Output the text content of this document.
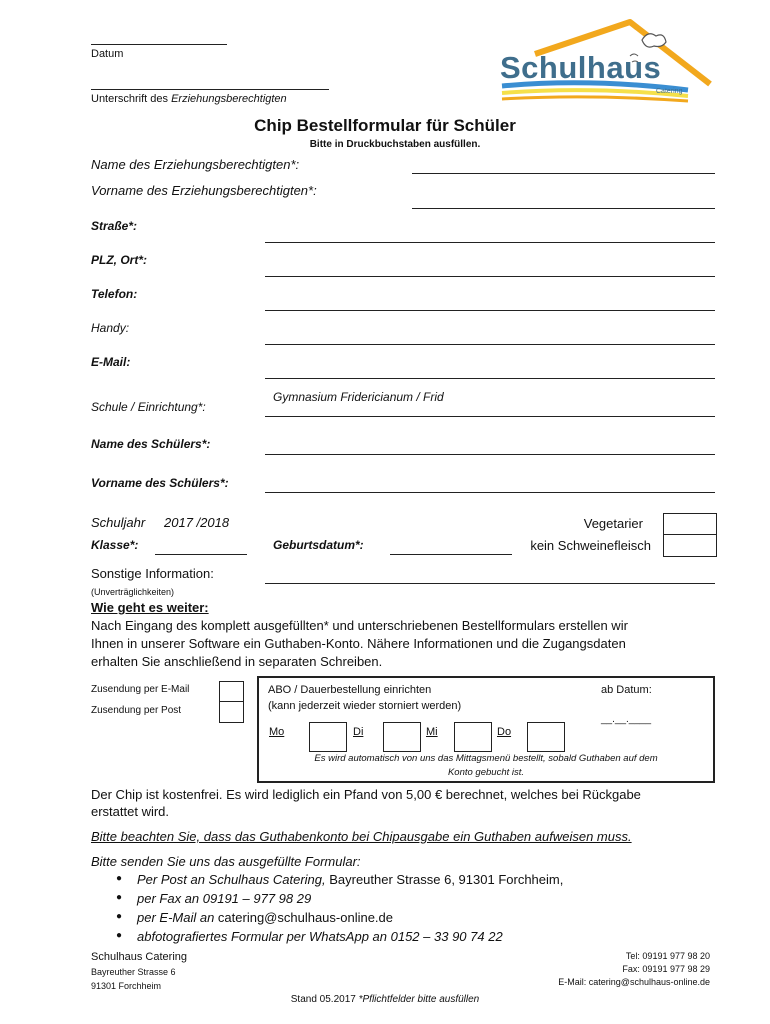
Datum
Unterschrift des Erziehungsberechtigten
Schulhaus
Catering
Chip Bestellformular für Schüler
Bitte in Druckbuchstaben ausfüllen.
Name des Erziehungsberechtigten*:
Vorname des Erziehungsberechtigten*:
Straße*:
PLZ, Ort*:
Telefon:
Handy:
E-Mail:
Schule / Einrichtung*:
Gymnasium Fridericianum / Frid
Name des Schülers*:
Vorname des Schülers*:
Schuljahr 2017 /2018
Klasse*:	Geburtsdatum*:
Vegetarier
kein Schweinefleisch
Sonstige Information:
(Unverträglichkeiten)
Wie geht es weiter:
Nach Eingang des komplett ausgefüllten* und unterschriebenen Bestellformulars erstellen wir
Ihnen in unserer Software ein Guthaben-Konto. Nähere Informationen und die Zugangsdaten
erhalten Sie anschließend in separaten Schreiben.
Zusendung per E-Mail
Zusendung per Post
ABO / Dauerbestellung einrichten
(kann jederzeit wieder storniert werden)
ab Datum:
__.__.____
Mo	Di	Mi	Do
Es wird automatisch von uns das Mittagsmenü bestellt, sobald Guthaben auf dem
Konto gebucht ist.
Der Chip ist kostenfrei. Es wird lediglich ein Pfand von 5,00 € berechnet, welches bei Rückgabe
erstattet wird.
Bitte beachten Sie, dass das Guthabenkonto bei Chipausgabe ein Guthaben aufweisen muss.
Bitte senden Sie uns das ausgefüllte Formular:
● Per Post an Schulhaus Catering, Bayreuther Strasse 6, 91301 Forchheim,
● per Fax an 09191 – 977 98 29
● per E-Mail an catering@schulhaus-online.de
● abfotografiertes Formular per WhatsApp an 0152 – 33 90 74 22
Schulhaus Catering
Bayreuther Strasse 6
91301 Forchheim
Tel: 09191 977 98 20
Fax: 09191 977 98 29
E-Mail: catering@schulhaus-online.de
Stand 05.2017 *Pflichtfelder bitte ausfüllen
